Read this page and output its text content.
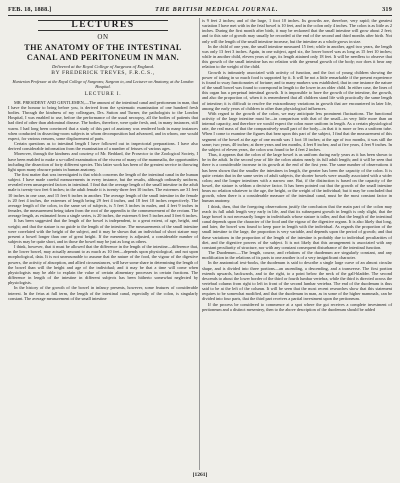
FEB. 18, 1888.]	THE BRITISH MEDICAL JOURNAL.	319
LECTURES
ON
THE ANATOMY OF THE INTESTINAL CANAL AND PERITONEUM IN MAN.
Delivered at the Royal College of Surgeons of England.
BY FREDERICK TREVES, F.R.C.S.,
Hunterian Professor at the Royal College of Surgeons; Surgeon to, and Lecturer on Anatomy, at the London Hospital.
LECTURE I.

MR. PRESIDENT AND GENTLEMEN,—The amount of the intestinal canal and peritoneum in man, that I have the honour to bring before you, is derived from the systematic examination of one hundred fresh bodies. Through the kindness of my colleagues, Drs. Sutton and Turner, the pathologists to the London Hospital, I was enabled to use, before the performance of the usual necropsy, all the bodies of patients that had died of other than abdominal disease. The bodies, therefore, were quite fresh, and, in many instances, still warm. I had long been convinced that a study of this part of anatomy was rendered both in many instances when conducted in dissecting-room subjects in whom decomposition had advanced, and in whom, one would expect, for various reasons, some displacement of parts.

Certain questions as to intestinal length I have followed out in inspectorial preparations. I have also derived considerable information from the examination of a number of fetuses of various ages.

Moreover, through the kindness and courtesy of Mr. Beddard, the Prosector to the Zoological Society, I have been enabled to make a so-called examination of the viscera of many of the mammalia, the opportunities including the dissection of forty different species. This latter work has been of the greatest service in throwing light upon many obscure points in human anatomy.

The first matter that was investigated is that which concerns the length of the intestinal canal in the human subject. I have made careful measurements in every instance, but the results, although ordinarily uniform, revealed even unsuspected factors in intestinal. I find that the average length of the small intestine in the adult male is twenty-two feet 6 inches; in the adult female it is twenty-three feet 10 inches. The extremes are 31 feet 10 inches in one case, and 15 feet 6 inches in another. The average length of the small intestine in the female is 20 feet 4 inches, the extremes of length being 29 feet 4 inches, and 18 feet 10 inches respectively. The average length of the colon, in the same set of subjects, is 5 feet 3 inches in males, and 4 feet 9 inches in females, the measurement being taken from the root of the appendix to the commencement of the rectum. The average length, as estimated from a single series, is 20 inches, the extremes 6 feet 5 inches and 3 feet 6 inches.

It has been suggested that the length of the bowel is independent, to a great extent, of age, height, and weight; and that the stature is no guide to the length of the intestine. The measurements of the small intestine were correlated with the height of the subject, and it may be shown that an individual of short stature may present a bowel longer than one of great height. If the mesentery is adjusted, a considerable number of subjects may be quite short, and in those the bowel may be just as long as others.

I think, however, that it must be allowed that the difference in the length of the intestine—difference that, in the lower bowel, may actually amount to as much as 10 feet—depends upon physiological, and not upon morphological, data. It is not unreasonable to assume that the nature of the food, the vigour of the digestive powers, the activity of absorption, and allied circumstances, will have some share in determining the length of the bowel than will the height and age of the individual; and it may be that a time will come when physiologists may be able to explain the value of certain alimentary processes in certain fractions. The difference in length of the intestine in different subjects has been hitherto somewhat neglected by physiologists.

In the history of the growth of the bowel in infancy presents, however, some features of considerable interest. In the fetus at full term, the length of the intestinal canal, especially of the colon, is singularly constant. The average measurement of the small intestine

is 9 feet 2 inches; and of the large, 1 foot 10 inches. Its growths are, therefore, very rapid; the greatest variation I have met with in the fetal bowel is 10 feet, and in the colon only 4 inches. The colon is as little as 2 inches. During the first month after birth, it may be reckoned that the small intestine will grow about 2 feet; and to this rate of growth may usually be recorded at the end of the second and third months after birth. Not only will the length of the small intestine increase, but the intestine as a whole grows in size.

In the child of one year, the small intestine measured 15 feet; while in another, aged two years, the length was only 13 feet 3 inches. Again, in one subject, aged six, the lower bowel was as long as 15 feet 10 inches; while in another child, eleven years of age, its length attained only 18 feet. It will be needless to observe that this growth of the small intestine has no relation with the general growth of the body; nor does it bear any relation to the weight of the child.

Growth is intimately associated with activity of function, and the fact of young children showing the power of taking in so much food is supported by it. It will be not a little remarkable if the present experience is found to sway functionaries of fortune; and to many markers was established, that in one instance the nature of the small bowel was found to correspond in length to the lower in an older child. In either case, the lines of this organ has a perpetual intestinal growth. It is impossible to have the growth of the intestine, the growth, and also the proportion of, when it is remembered that all children stand life with practically the same length of intestine; it is difficult to resolve the extraordinary variations in growth that are encountered in later life, among the early years of children to other than physiological influences.

With regard to the growth of the colon, we may anticipate less prominent fluctuations. The functional activity of the large intestine must be—in comparison with that of the small—in very little more than an internal capacity, and therefore we would expect the colon more uniform in length. As a certain physiological rate, the real mass of that the comparatively small part of the body—in that it is more or less a uniform tube. When I come to examine the figures that bear upon this part of the subject, I find that the measurement of this segment of the bowel at the age of one month was 1 foot 10 inches; at the age of two months, it was still the same; two years, 40 inches; at three years and ten months, 4 feet 8 inches; and at five years, 4 feet 9 inches. In the subject of eleven years, the colon was found to be 4 feet 2 inches.

Thus, it appears that the colon of the large bowel is as uniform during early years as it has been shown to be in the adult. In the second year of life the colon attains nearly its full adult length; and it will be seen that there is a considerable increase in its growth at the end of the first year. The same number of observations it has been shown that the smaller the intestines in length, the greater has been the capacity of the colon. It is quite certain that in the same series of adult subjects, the shorter bowels were usually associated with a wider colon; and the longer intestines with a narrow one. But, if the distinction is based on the capacity of the bowel, the stature is seldom a decisive factor. It has been pointed out that the growth of the small intestine bears no relation whatever to the age, the height, or the weight of the individual; but it may be concluded that growth, when there is a considerable measure of the intestinal canal, must be the most constant factor in human anatomy.

I think, then, that the foregoing observations justify the conclusion that the main part of the colon may reach its full adult length very early in life, and that its subsequent growth in length is only slight, that the large bowel is not necessarily longer in individuals whose stature is taller, and that the length of the intestinal canal depends upon the character of the food and the vigour of the digestive organs. It is also likely that long, and later, the bowel was found to keep pace in length with the individual. As regards the proportion of the small intestine to the large, the proportion is very variable, and depends upon the period of growth; and that these variations in the proportion of the length of the intestine is probably due to individual peculiarities of diet, and the digestive powers of the subject. It is not likely that this arrangement is associated with any constant peculiarity of structure, nor with any constant consequent disturbance of the intestinal function.

The Duodenum.—The length, course, and relations of the duodenum are singularly constant, and any modification in the relations of its parts to one another is of a very insignificant character.

In the anatomical text-books, the duodenum is said to describe a single large curve of an almost circular shape, and is divided into three portions—an ascending, a descending, and a transverse. The first portion extends upwards, backwards, and to the right, to a point below the neck of the gall-bladder. The second descends to about the lower border of the third or fourth lumbar vertebra, while the third is directed across the vertebral column from right to left in front of the second lumbar vertebra. The end of the duodenum is thus said to be at the left of the column. It will be seen that the most recent researches show that this statement requires to be somewhat modified, and that the duodenum in man, as in some of the higher mammals, can be divided into four parts, that the third part receives a partial investment upon the peritoneum.

If the process be considered to commence at a spot where the gut receives a complete investment of peritoneum and a distinct mesentery, then to the above description of the duodenum should be added

[1261]
